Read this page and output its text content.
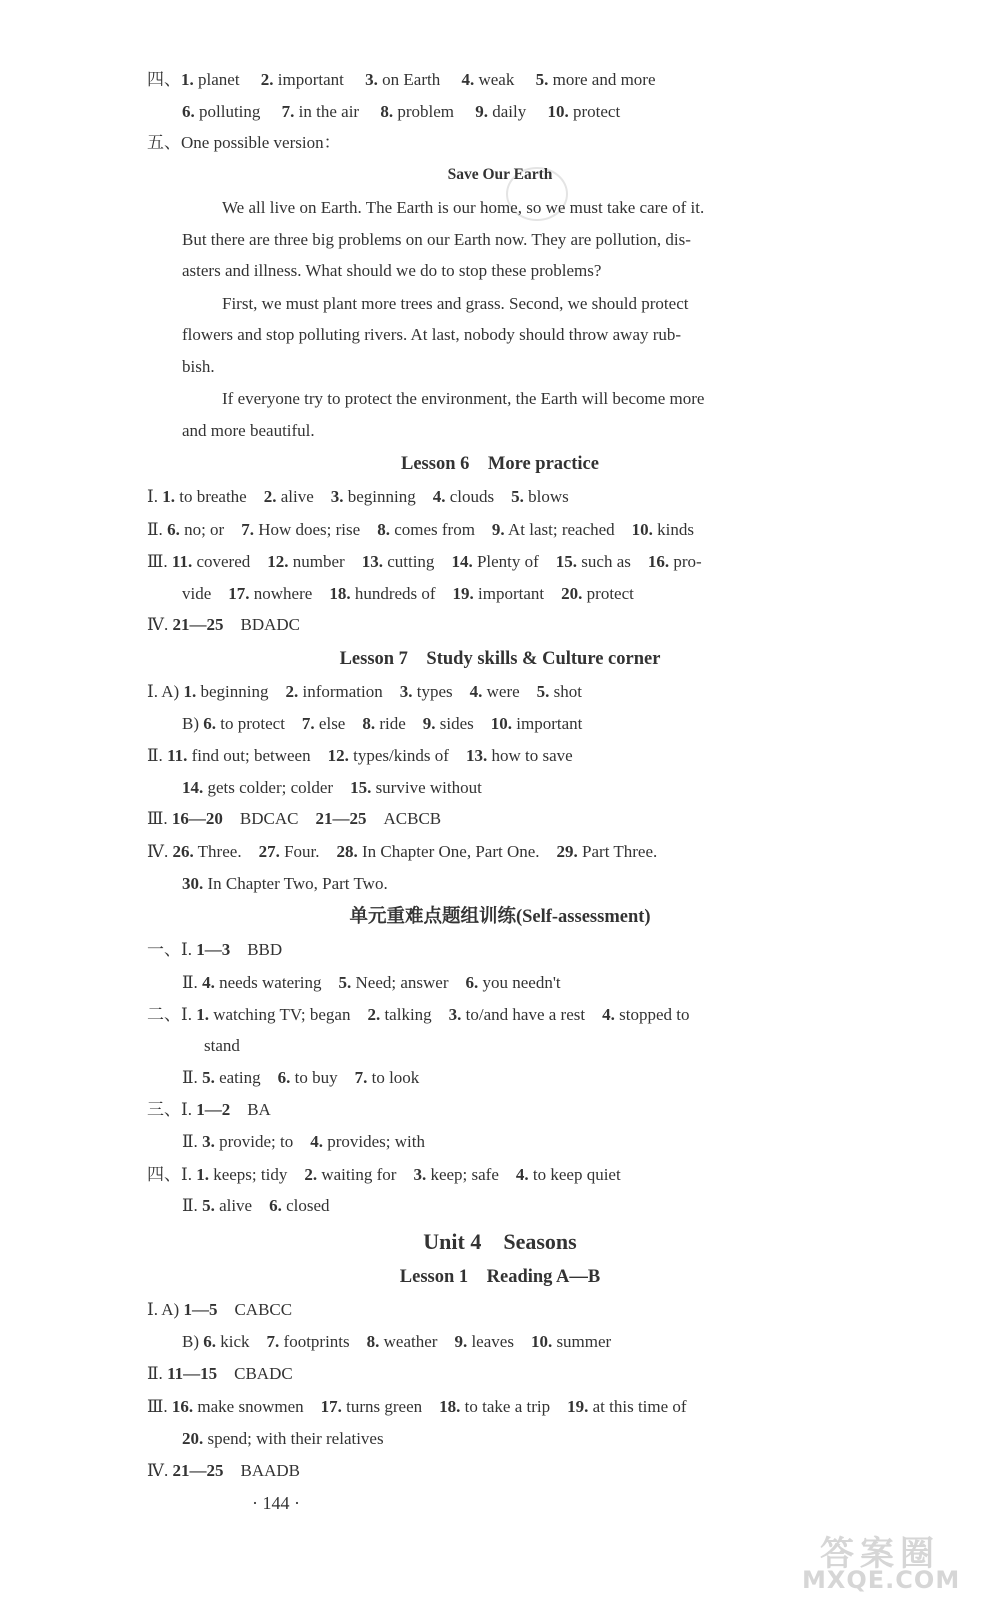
四、1. planet　 2. important　 3. on Earth　 4. weak　 5. more and more
6. polluting　 7. in the air　 8. problem　 9. daily　 10. protect
五、One possible version：
Save Our Earth
We all live on Earth. The Earth is our home, so we must take care of it.
But there are three big problems on our Earth now. They are pollution, dis-
asters and illness. What should we do to stop these problems?
First, we must plant more trees and grass. Second, we should protect
flowers and stop polluting rivers. At last, nobody should throw away rub-
bish.
If everyone try to protect the environment, the Earth will become more
and more beautiful.
Lesson 6　More practice
Ⅰ. 1. to breathe　2. alive　3. beginning　4. clouds　5. blows
Ⅱ. 6. no; or　7. How does; rise　8. comes from　9. At last; reached　10. kinds
Ⅲ. 11. covered　12. number　13. cutting　14. Plenty of　15. such as　16. pro-
vide　17. nowhere　18. hundreds of　19. important　20. protect
Ⅳ. 21—25　BDADC
Lesson 7　Study skills & Culture corner
Ⅰ. A) 1. beginning　2. information　3. types　4. were　5. shot
B) 6. to protect　7. else　8. ride　9. sides　10. important
Ⅱ. 11. find out; between　12. types/kinds of　13. how to save
14. gets colder; colder　15. survive without
Ⅲ. 16—20　BDCAC　21—25　ACBCB
Ⅳ. 26. Three.　27. Four.　28. In Chapter One, Part One.　29. Part Three.
30. In Chapter Two, Part Two.
单元重难点题组训练(Self-assessment)
一、Ⅰ. 1—3　BBD
Ⅱ. 4. needs watering　5. Need; answer　6. you needn't
二、Ⅰ. 1. watching TV; began　2. talking　3. to/and have a rest　4. stopped to
stand
Ⅱ. 5. eating　6. to buy　7. to look
三、Ⅰ. 1—2　BA
Ⅱ. 3. provide; to　4. provides; with
四、Ⅰ. 1. keeps; tidy　2. waiting for　3. keep; safe　4. to keep quiet
Ⅱ. 5. alive　6. closed
Unit 4　Seasons
Lesson 1　Reading A—B
Ⅰ. A) 1—5　CABCC
B) 6. kick　7. footprints　8. weather　9. leaves　10. summer
Ⅱ. 11—15　CBADC
Ⅲ. 16. make snowmen　17. turns green　18. to take a trip　19. at this time of
20. spend; with their relatives
Ⅳ. 21—25　BAADB
· 144 ·
答案圈
MXQE.COM
